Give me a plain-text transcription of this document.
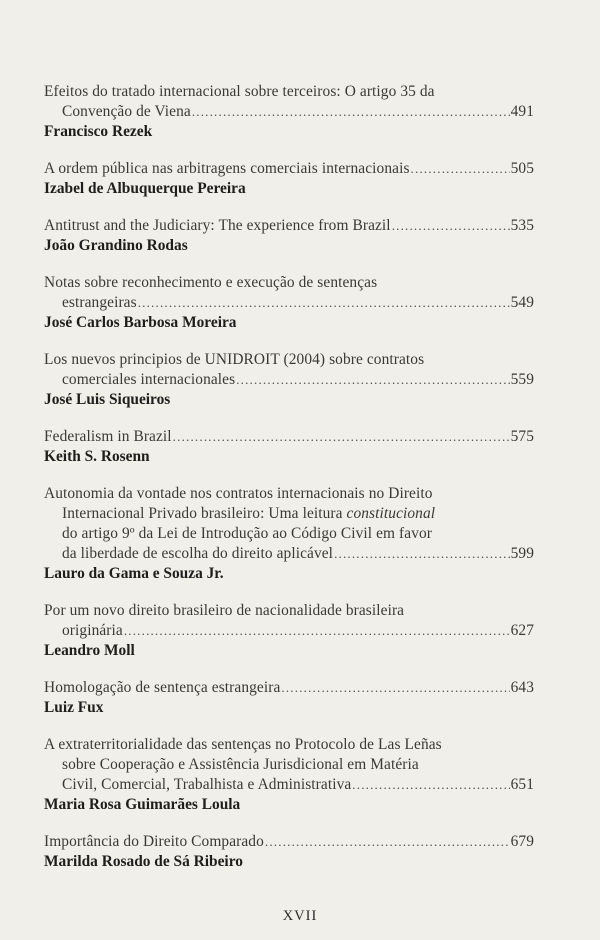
Efeitos do tratado internacional sobre terceiros: O artigo 35 da
Convenção de Viena .....	491
Francisco Rezek
A ordem pública nas arbitragens comerciais internacionais .....	505
Izabel de Albuquerque Pereira
Antitrust and the Judiciary: The experience from Brazil .....	535
João Grandino Rodas
Notas sobre reconhecimento e execução de sentenças
estrangeiras .....	549
José Carlos Barbosa Moreira
Los nuevos principios de UNIDROIT (2004) sobre contratos
comerciales internacionales .....	559
José Luis Siqueiros
Federalism in Brazil .....	575
Keith S. Rosenn
Autonomia da vontade nos contratos internacionais no Direito
Internacional Privado brasileiro: Uma leitura constitucional
do artigo 9º da Lei de Introdução ao Código Civil em favor
da liberdade de escolha do direito aplicável .....	599
Lauro da Gama e Souza Jr.
Por um novo direito brasileiro de nacionalidade brasileira
originária .....	627
Leandro Moll
Homologação de sentença estrangeira .....	643
Luiz Fux
A extraterritorialidade das sentenças no Protocolo de Las Leñas
sobre Cooperação e Assistência Jurisdicional em Matéria
Civil, Comercial, Trabalhista e Administrativa .....	651
Maria Rosa Guimarães Loula
Importância do Direito Comparado .....	679
Marilda Rosado de Sá Ribeiro
XVII
